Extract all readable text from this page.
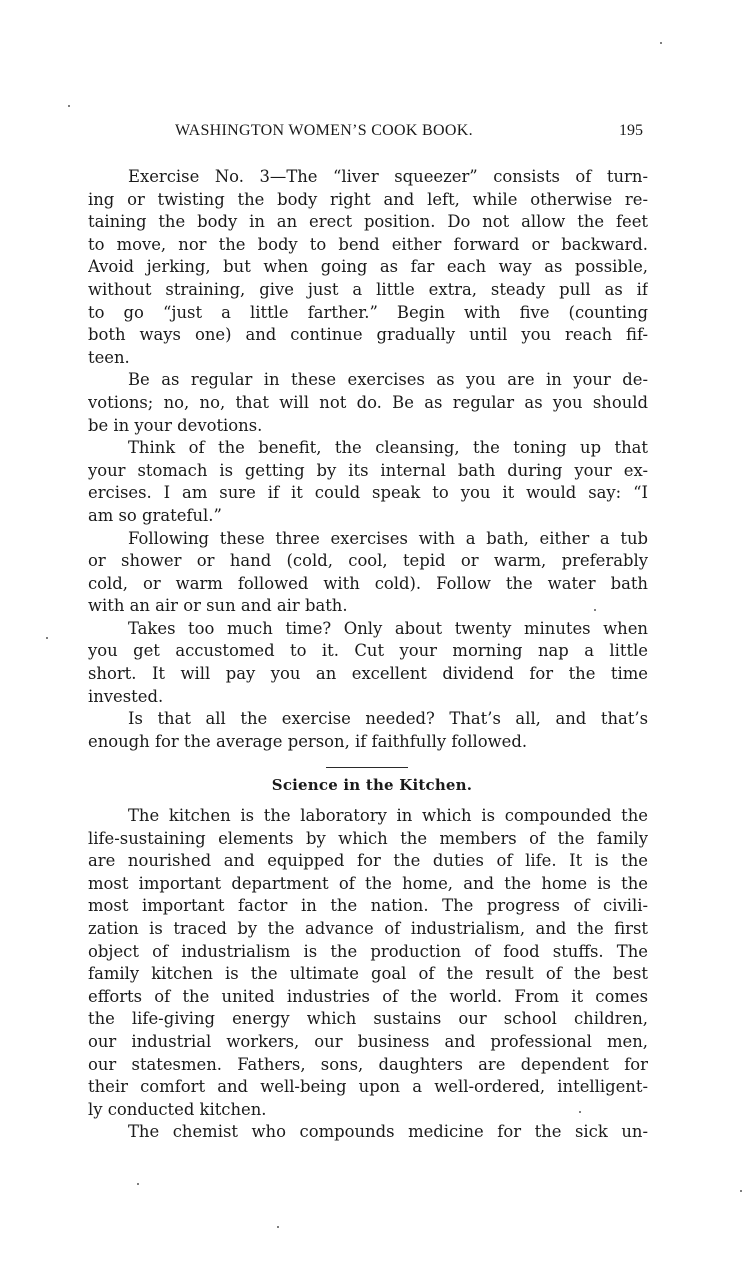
WASHINGTON WOMEN’S COOK BOOK.	195
Exercise No. 3—The “liver squeezer” consists of turn-
ing or twisting the body right and left, while otherwise re-
taining the body in an erect position. Do not allow the feet
to move, nor the body to bend either forward or backward.
Avoid jerking, but when going as far each way as possible,
without straining, give just a little extra, steady pull as if
to go “just a little farther.” Begin with five (counting
both ways one) and continue gradually until you reach fif-
teen.
Be as regular in these exercises as you are in your de-
votions; no, no, that will not do. Be as regular as you should
be in your devotions.
Think of the benefit, the cleansing, the toning up that
your stomach is getting by its internal bath during your ex-
ercises. I am sure if it could speak to you it would say: “I
am so grateful.”
Following these three exercises with a bath, either a tub
or shower or hand (cold, cool, tepid or warm, preferably
cold, or warm followed with cold). Follow the water bath
with an air or sun and air bath.
Takes too much time? Only about twenty minutes when
you get accustomed to it. Cut your morning nap a little
short. It will pay you an excellent dividend for the time
invested.
Is that all the exercise needed? That’s all, and that’s
enough for the average person, if faithfully followed.
Science in the Kitchen.
The kitchen is the laboratory in which is compounded the
life-sustaining elements by which the members of the family
are nourished and equipped for the duties of life. It is the
most important department of the home, and the home is the
most important factor in the nation. The progress of civili-
zation is traced by the advance of industrialism, and the first
object of industrialism is the production of food stuffs. The
family kitchen is the ultimate goal of the result of the best
efforts of the united industries of the world. From it comes
the life-giving energy which sustains our school children,
our industrial workers, our business and professional men,
our statesmen. Fathers, sons, daughters are dependent for
their comfort and well-being upon a well-ordered, intelligent-
ly conducted kitchen.
The chemist who compounds medicine for the sick un-
